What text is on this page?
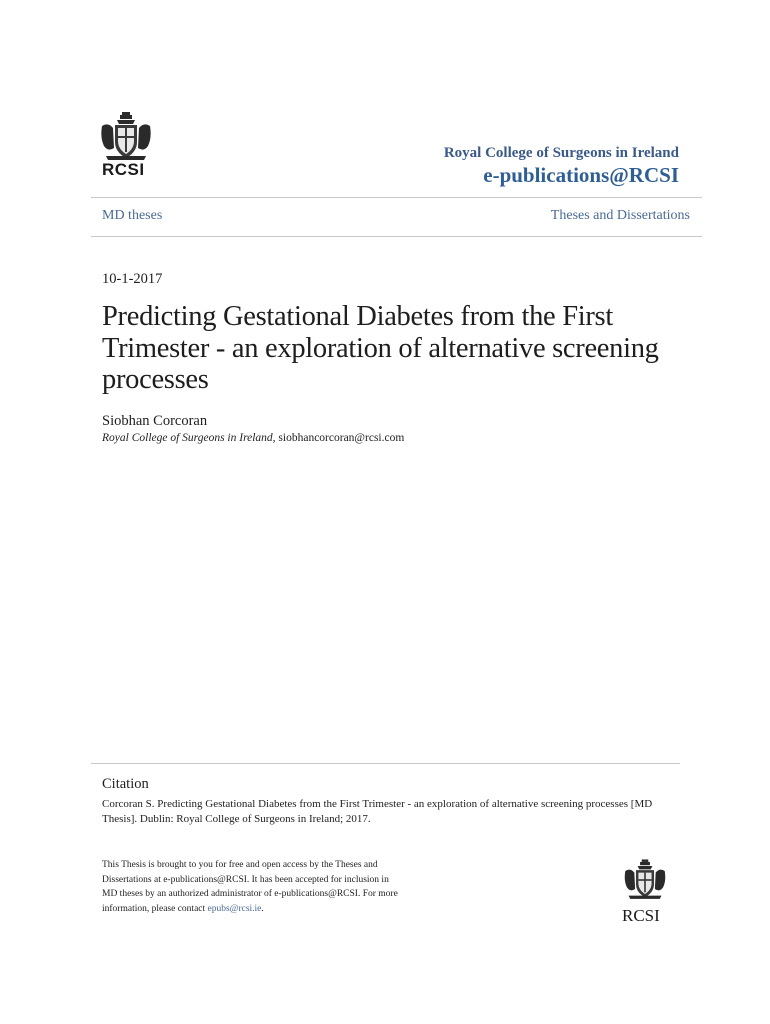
RCSI
Royal College of Surgeons in Ireland
e-publications@RCSI
MD theses	Theses and Dissertations
10-1-2017
Predicting Gestational Diabetes from the First Trimester - an exploration of alternative screening processes
Siobhan Corcoran
Royal College of Surgeons in Ireland, siobhancorcoran@rcsi.com
Citation
Corcoran S. Predicting Gestational Diabetes from the First Trimester - an exploration of alternative screening processes [MD Thesis]. Dublin: Royal College of Surgeons in Ireland; 2017.
This Thesis is brought to you for free and open access by the Theses and Dissertations at e-publications@RCSI. It has been accepted for inclusion in MD theses by an authorized administrator of e-publications@RCSI. For more information, please contact epubs@rcsi.ie.	RCSI
